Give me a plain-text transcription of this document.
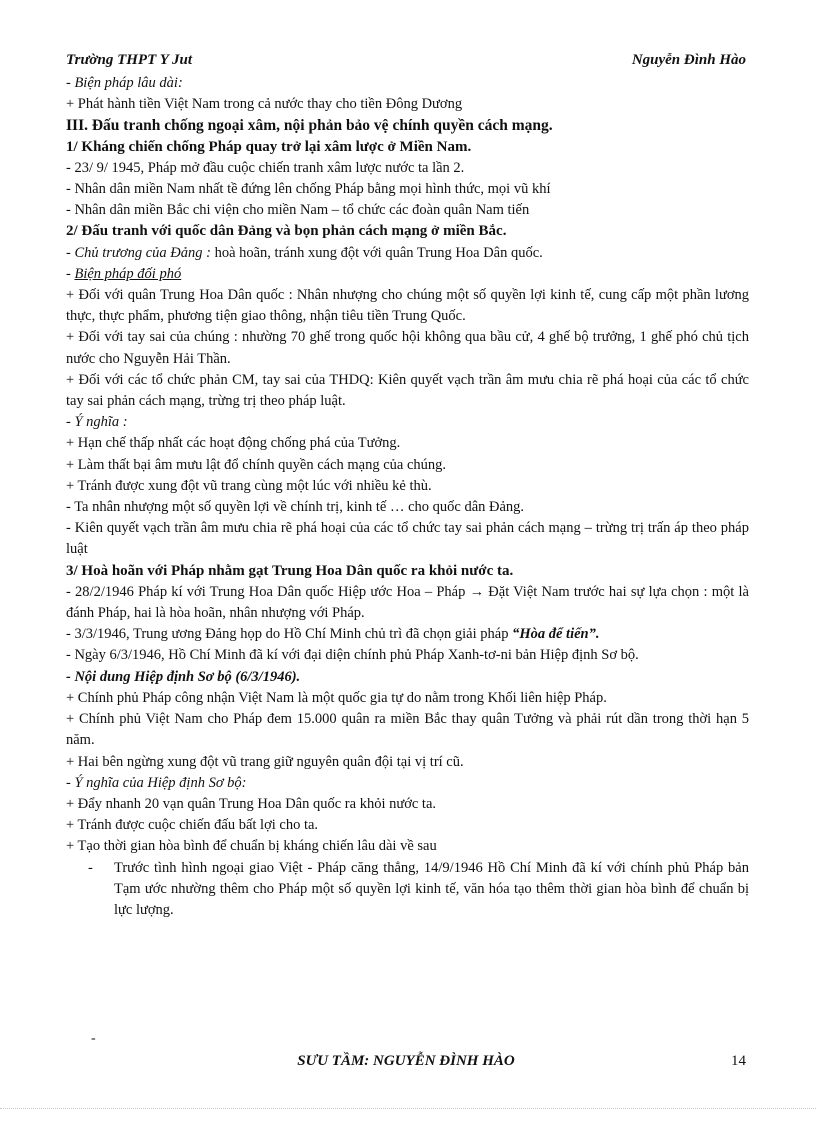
Trường THPT Y Jut	Nguyễn Đình Hào

- Biện pháp lâu dài:

+ Phát hành tiền Việt Nam trong cả nước thay cho tiền Đông Dương

III. Đấu tranh chống ngoại xâm, nội phản bảo vệ chính quyền cách mạng.

1/ Kháng chiến chống Pháp quay trở lại xâm lược ở Miền Nam.

- 23/ 9/ 1945, Pháp mở đầu cuộc chiến tranh xâm lược nước ta lần 2.

- Nhân dân miền Nam nhất tề đứng lên chống Pháp bằng mọi hình thức, mọi vũ khí

- Nhân dân miền Bắc chi viện cho miền Nam – tổ chức các đoàn quân Nam tiến

2/ Đấu tranh với quốc dân Đảng và bọn phản cách mạng ở miền Bắc.

- Chủ trương của Đảng : hoà hoãn, tránh xung đột với quân Trung Hoa Dân quốc.

- Biện pháp đối phó

+ Đối với quân Trung Hoa Dân quốc : Nhân nhượng cho chúng một số quyền lợi kinh tế, cung cấp một phần lương thực, thực phẩm, phương tiện giao thông, nhận tiêu tiền Trung Quốc.

+ Đối với tay sai của chúng : nhường 70 ghế trong quốc hội không qua bầu cử, 4 ghế bộ trưởng, 1 ghế phó chủ tịch nước cho Nguyễn Hải Thần.

+ Đối với các tổ chức phản CM, tay sai của THDQ: Kiên quyết vạch trần âm mưu chia rẽ phá hoại của các tổ chức tay sai phản cách mạng, trừng trị theo pháp luật.

- Ý nghĩa :

+ Hạn chế thấp nhất các hoạt động chống phá của Tưởng.

+ Làm thất bại âm mưu lật đổ chính quyền cách mạng của chúng.

+ Tránh được xung đột vũ trang cùng một lúc với nhiều kẻ thù.

- Ta nhân nhượng một số quyền lợi về chính trị, kinh tế … cho quốc dân Đảng.

- Kiên quyết vạch trần âm mưu chia rẽ phá hoại của các tổ chức tay sai phản cách mạng – trừng trị trấn áp theo pháp luật

3/ Hoà hoãn với Pháp nhằm gạt Trung Hoa Dân quốc ra khỏi nước ta.

- 28/2/1946 Pháp kí với Trung Hoa Dân quốc Hiệp ước Hoa – Pháp → Đặt Việt Nam trước hai sự lựa chọn : một là đánh Pháp, hai là hòa hoãn, nhân nhượng với Pháp.

- 3/3/1946, Trung ương Đảng họp do Hồ Chí Minh chủ trì đã chọn giải pháp “Hòa để tiến”.

- Ngày 6/3/1946, Hồ Chí Minh đã kí với đại diện chính phủ Pháp Xanh-tơ-ni bản Hiệp định Sơ bộ.

- Nội dung Hiệp định Sơ bộ (6/3/1946).

+ Chính phủ Pháp công nhận Việt Nam là một quốc gia tự do nằm trong Khối liên hiệp Pháp.

+ Chính phủ Việt Nam cho Pháp đem 15.000 quân ra miền Bắc thay quân Tưởng và phải rút dần trong thời hạn 5 năm.

+ Hai bên ngừng xung đột vũ trang giữ nguyên quân đội tại vị trí cũ.

- Ý nghĩa của Hiệp định Sơ bộ:

+ Đẩy nhanh 20 vạn quân Trung Hoa Dân quốc ra khỏi nước ta.

+ Tránh được cuộc chiến đấu bất lợi cho ta.

+ Tạo thời gian hòa bình để chuẩn bị kháng chiến lâu dài về sau

- Trước tình hình ngoại giao Việt - Pháp căng thẳng, 14/9/1946 Hồ Chí Minh đã kí với chính phủ Pháp bản Tạm ước nhường thêm cho Pháp một số quyền lợi kinh tế, văn hóa tạo thêm thời gian hòa bình để chuẩn bị lực lượng.

-
SƯU TẦM: NGUYỄN ĐÌNH HÀO	14
